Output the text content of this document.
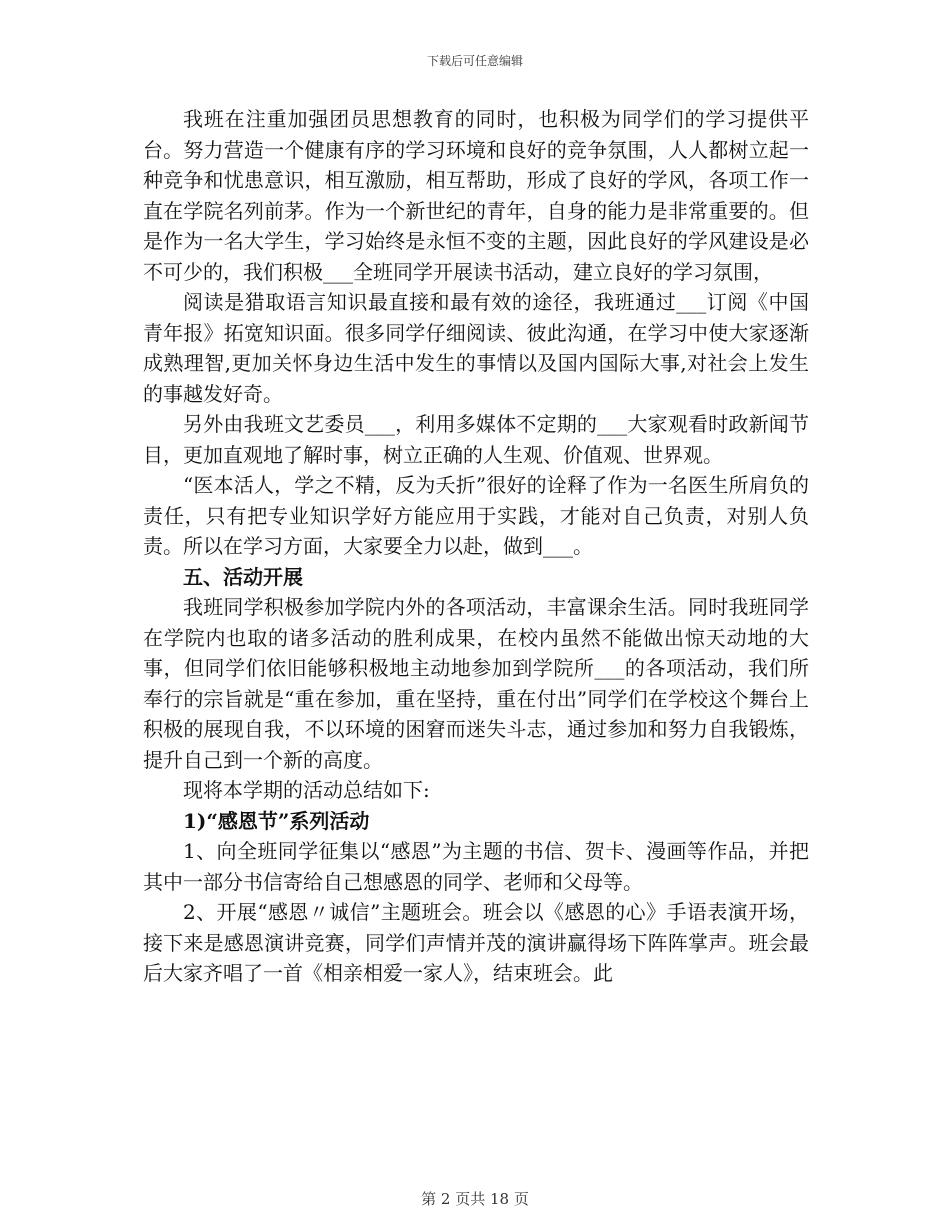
下载后可任意编辑

我班在注重加强团员思想教育的同时，也积极为同学们的学习提供平台。努力营造一个健康有序的学习环境和良好的竞争氛围，人人都树立起一种竞争和忧患意识，相互激励，相互帮助，形成了良好的学风，各项工作一直在学院名列前茅。作为一个新世纪的青年，自身的能力是非常重要的。但是作为一名大学生，学习始终是永恒不变的主题，因此良好的学风建设是必不可少的，我们积极___全班同学开展读书活动，建立良好的学习氛围，

阅读是猎取语言知识最直接和最有效的途径，我班通过___订阅《中国青年报》拓宽知识面。很多同学仔细阅读、彼此沟通，在学习中使大家逐渐成熟理智,更加关怀身边生活中发生的事情以及国内国际大事,对社会上发生的事越发好奇。

另外由我班文艺委员___，利用多媒体不定期的___大家观看时政新闻节目，更加直观地了解时事，树立正确的人生观、价值观、世界观。

“医本活人，学之不精，反为夭折”很好的诠释了作为一名医生所肩负的责任，只有把专业知识学好方能应用于实践，才能对自己负责，对别人负责。所以在学习方面，大家要全力以赴，做到___。

五、活动开展

我班同学积极参加学院内外的各项活动，丰富课余生活。同时我班同学在学院内也取的诸多活动的胜利成果，在校内虽然不能做出惊天动地的大事，但同学们依旧能够积极地主动地参加到学院所___的各项活动，我们所奉行的宗旨就是“重在参加，重在坚持，重在付出”同学们在学校这个舞台上积极的展现自我，不以环境的困窘而迷失斗志，通过参加和努力自我锻炼，提升自己到一个新的高度。

现将本学期的活动总结如下:

1)“感恩节”系列活动

1、向全班同学征集以“感恩”为主题的书信、贺卡、漫画等作品，并把其中一部分书信寄给自己想感恩的同学、老师和父母等。

2、开展“感恩〃诚信”主题班会。班会以《感恩的心》手语表演开场，接下来是感恩演讲竞赛，同学们声情并茂的演讲赢得场下阵阵掌声。班会最后大家齐唱了一首《相亲相爱一家人》，结束班会。此

第 2 页共 18 页
